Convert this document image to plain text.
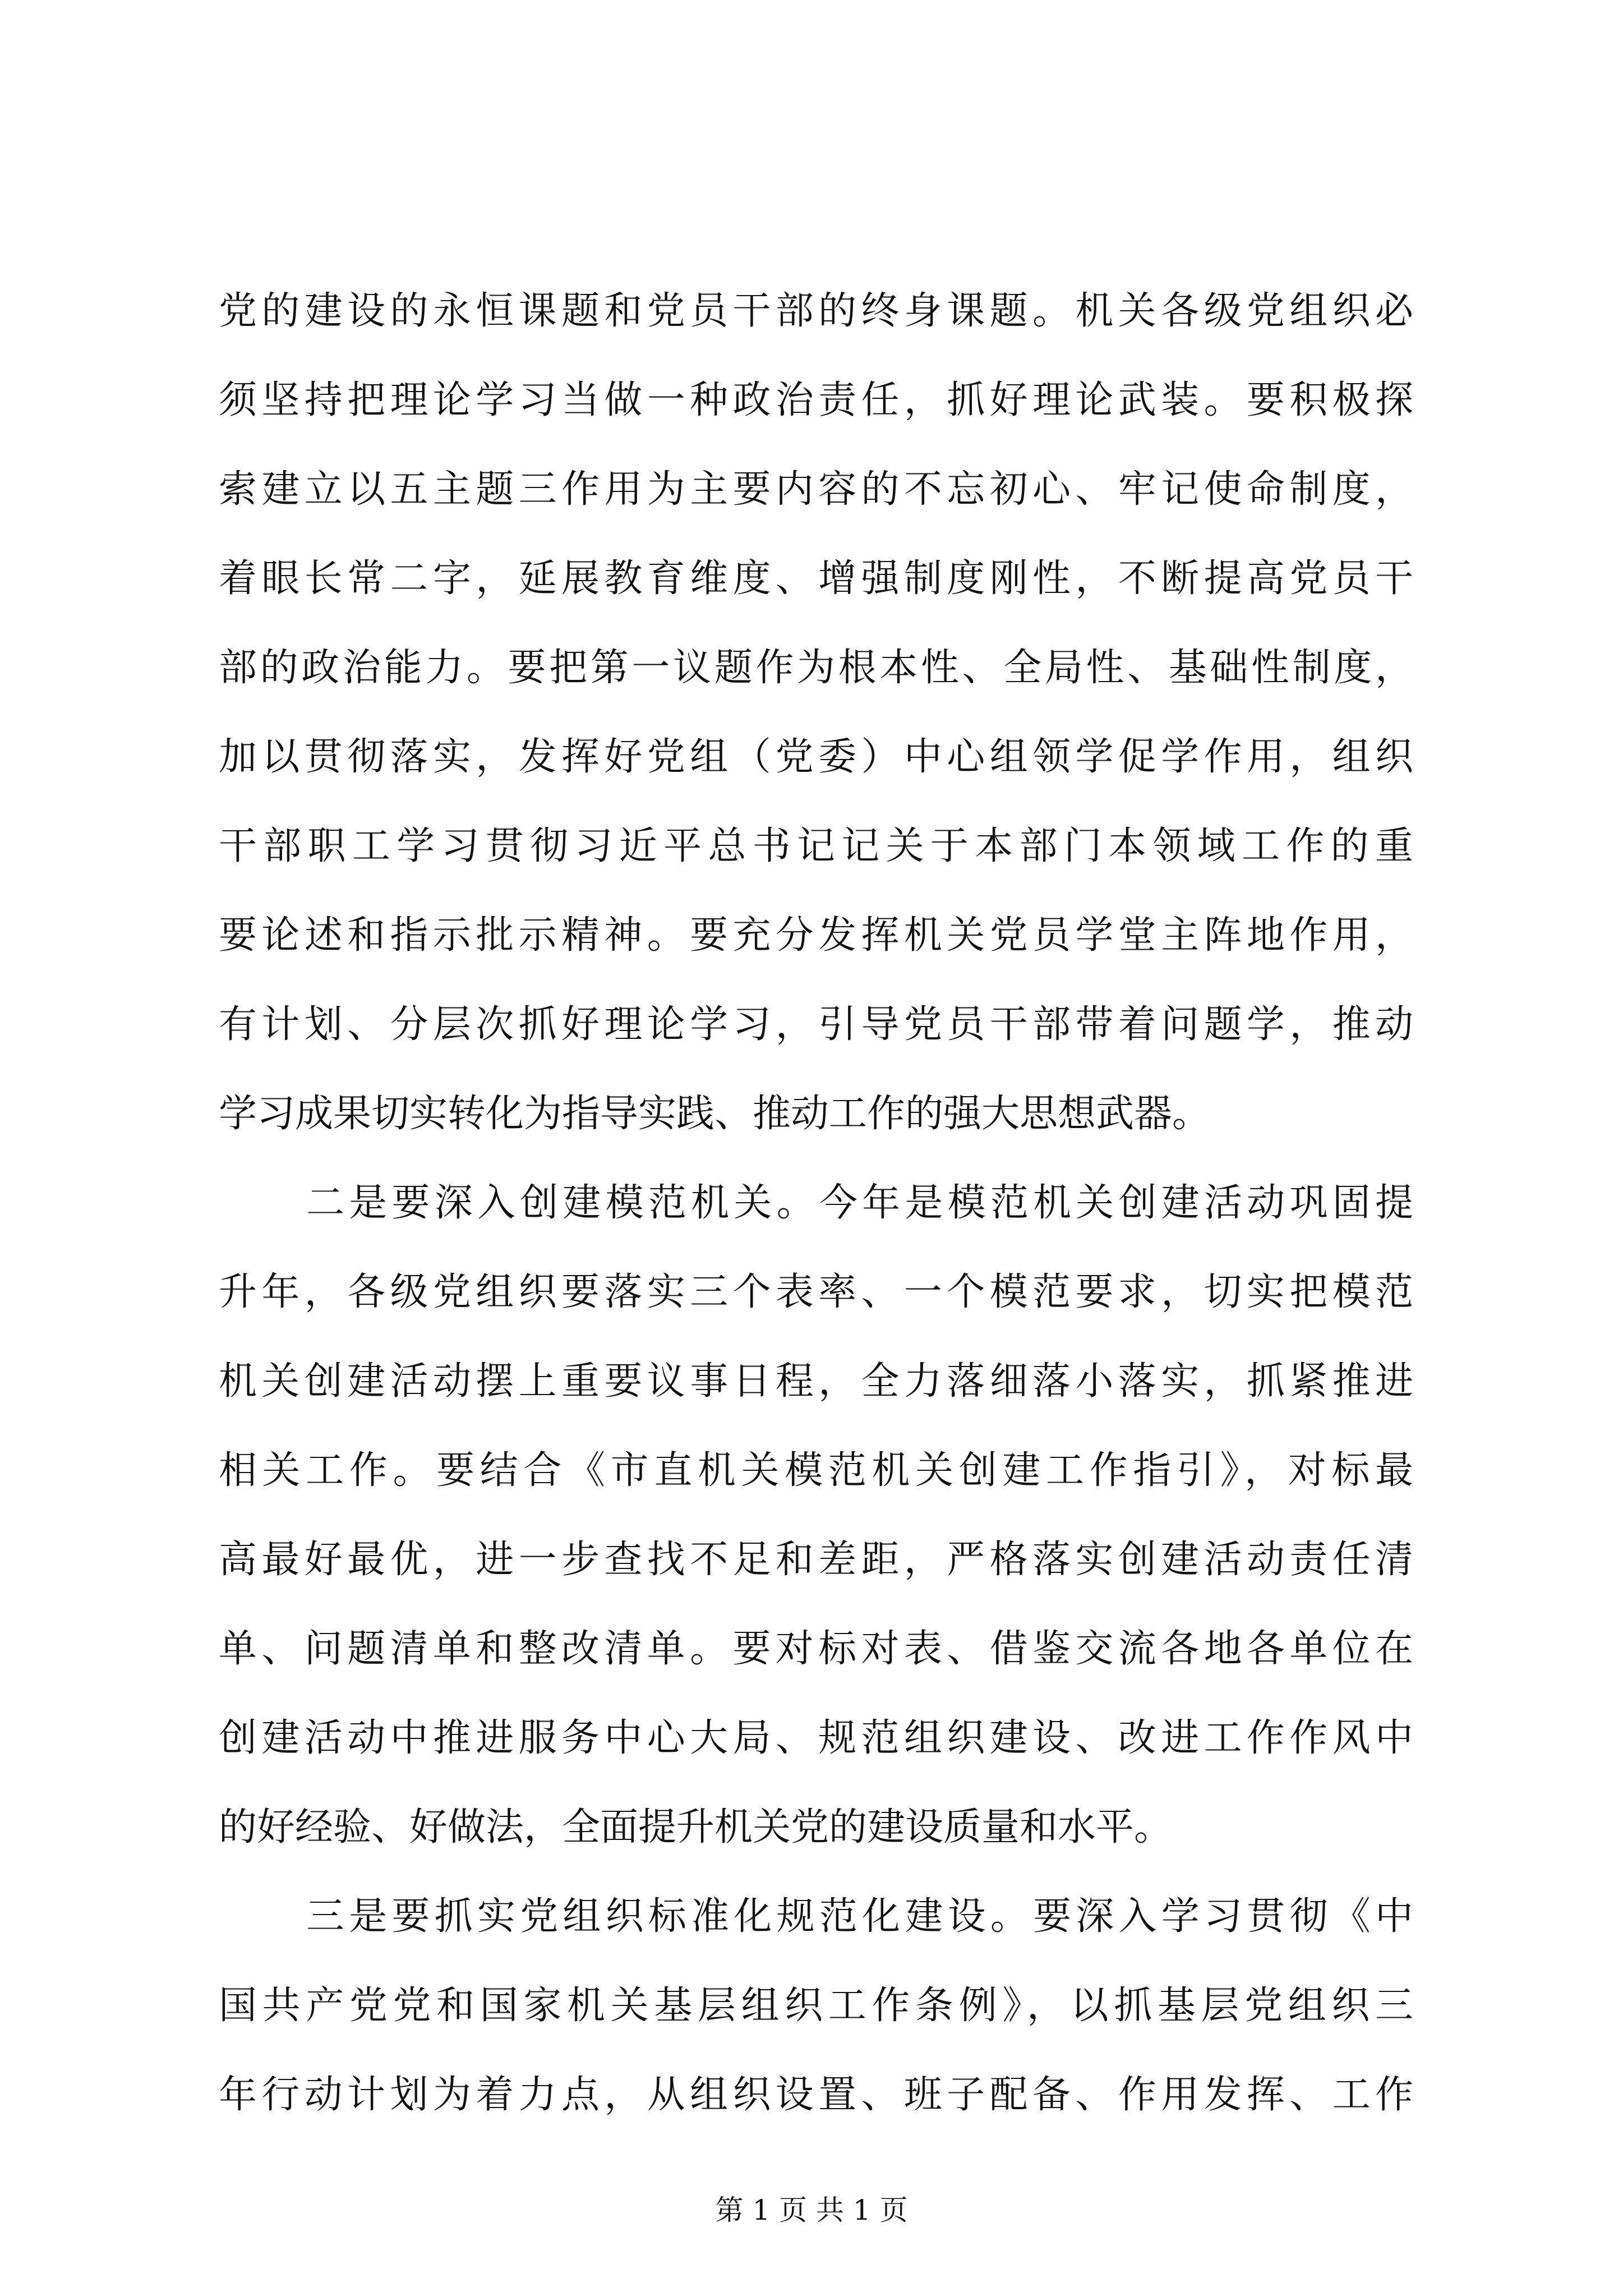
党的建设的永恒课题和党员干部的终身课题。机关各级党组织必
须坚持把理论学习当做一种政治责任，抓好理论武装。要积极探
索建立以五主题三作用为主要内容的不忘初心、牢记使命制度，
着眼长常二字，延展教育维度、增强制度刚性，不断提高党员干
部的政治能力。要把第一议题作为根本性、全局性、基础性制度，
加以贯彻落实，发挥好党组（党委）中心组领学促学作用，组织
干部职工学习贯彻习近平总书记记关于本部门本领域工作的重
要论述和指示批示精神。要充分发挥机关党员学堂主阵地作用，
有计划、分层次抓好理论学习，引导党员干部带着问题学，推动
学习成果切实转化为指导实践、推动工作的强大思想武器。
二是要深入创建模范机关。今年是模范机关创建活动巩固提
升年，各级党组织要落实三个表率、一个模范要求，切实把模范
机关创建活动摆上重要议事日程，全力落细落小落实，抓紧推进
相关工作。要结合《市直机关模范机关创建工作指引》，对标最
高最好最优，进一步查找不足和差距，严格落实创建活动责任清
单、问题清单和整改清单。要对标对表、借鉴交流各地各单位在
创建活动中推进服务中心大局、规范组织建设、改进工作作风中
的好经验、好做法，全面提升机关党的建设质量和水平。
三是要抓实党组织标准化规范化建设。要深入学习贯彻《中
国共产党党和国家机关基层组织工作条例》，以抓基层党组织三
年行动计划为着力点，从组织设置、班子配备、作用发挥、工作
第 1 页 共 1 页
